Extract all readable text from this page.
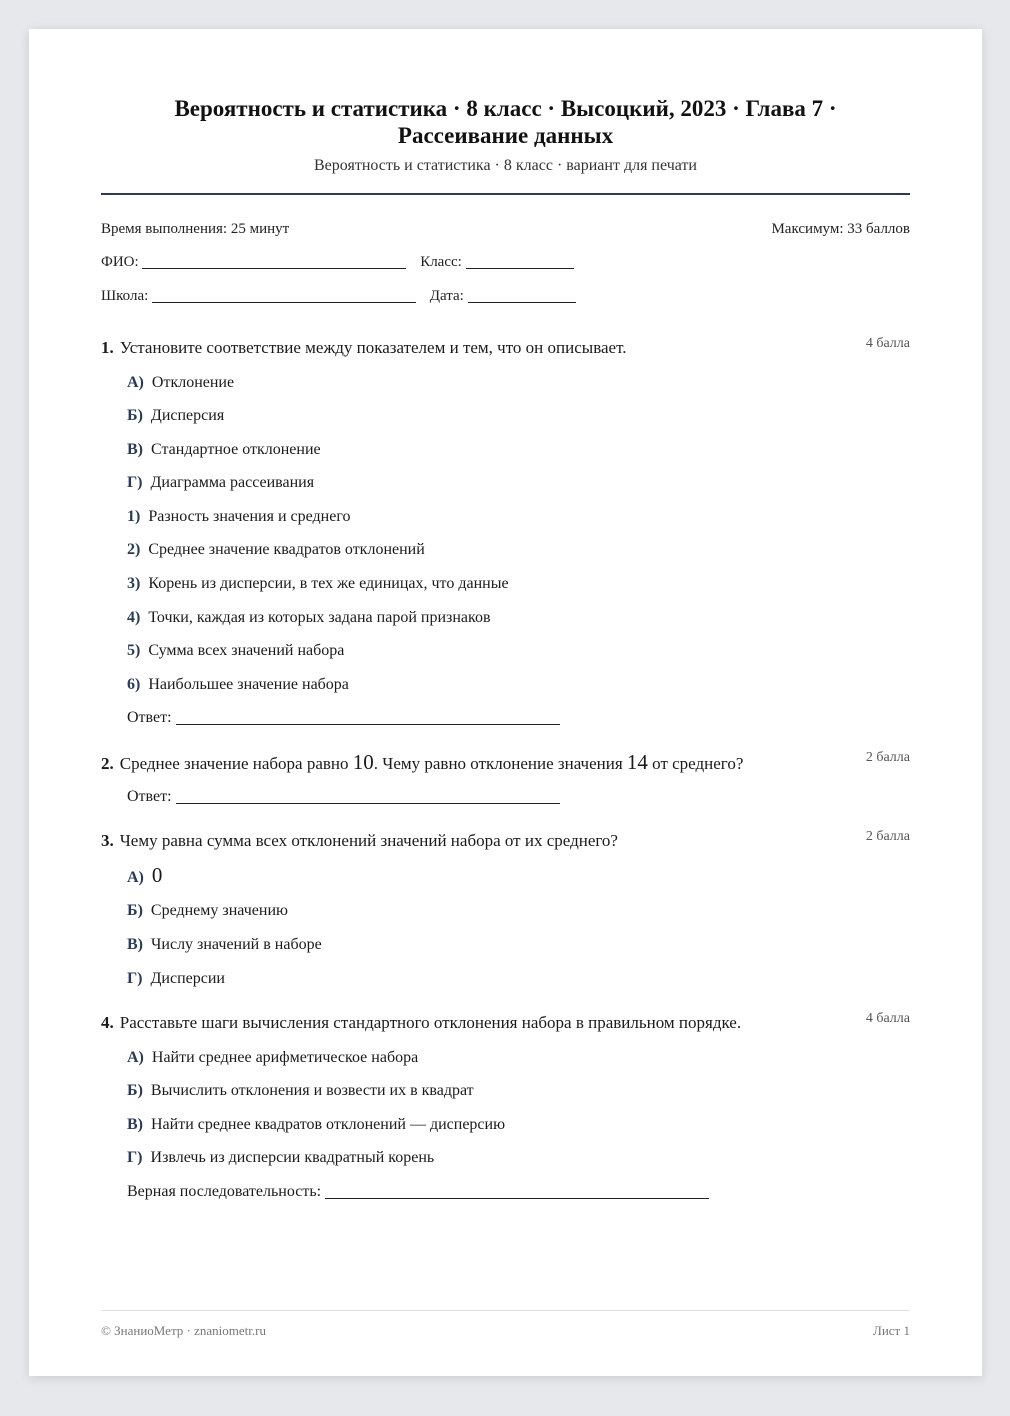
Вероятность и статистика · 8 класс · Высоцкий, 2023 · Глава 7 ·
Рассеивание данных
Вероятность и статистика · 8 класс · вариант для печати
Время выполнения: 25 минут	Максимум: 33 баллов
ФИО:	Класс:
Школа:	Дата:
1. Установите соответствие между показателем и тем, что он описывает.	4 балла
А) Отклонение
Б) Дисперсия
В) Стандартное отклонение
Г) Диаграмма рассеивания
1) Разность значения и среднего
2) Среднее значение квадратов отклонений
3) Корень из дисперсии, в тех же единицах, что данные
4) Точки, каждая из которых задана парой признаков
5) Сумма всех значений набора
6) Наибольшее значение набора
Ответ:
2. Среднее значение набора равно 10. Чему равно отклонение значения 14 от среднего?	2 балла
Ответ:
3. Чему равна сумма всех отклонений значений набора от их среднего?	2 балла
А) 0
Б) Среднему значению
В) Числу значений в наборе
Г) Дисперсии
4. Расставьте шаги вычисления стандартного отклонения набора в правильном порядке.	4 балла
А) Найти среднее арифметическое набора
Б) Вычислить отклонения и возвести их в квадрат
В) Найти среднее квадратов отклонений — дисперсию
Г) Извлечь из дисперсии квадратный корень
Верная последовательность:
© ЗнаниоМетр · znaniometr.ru	Лист 1
